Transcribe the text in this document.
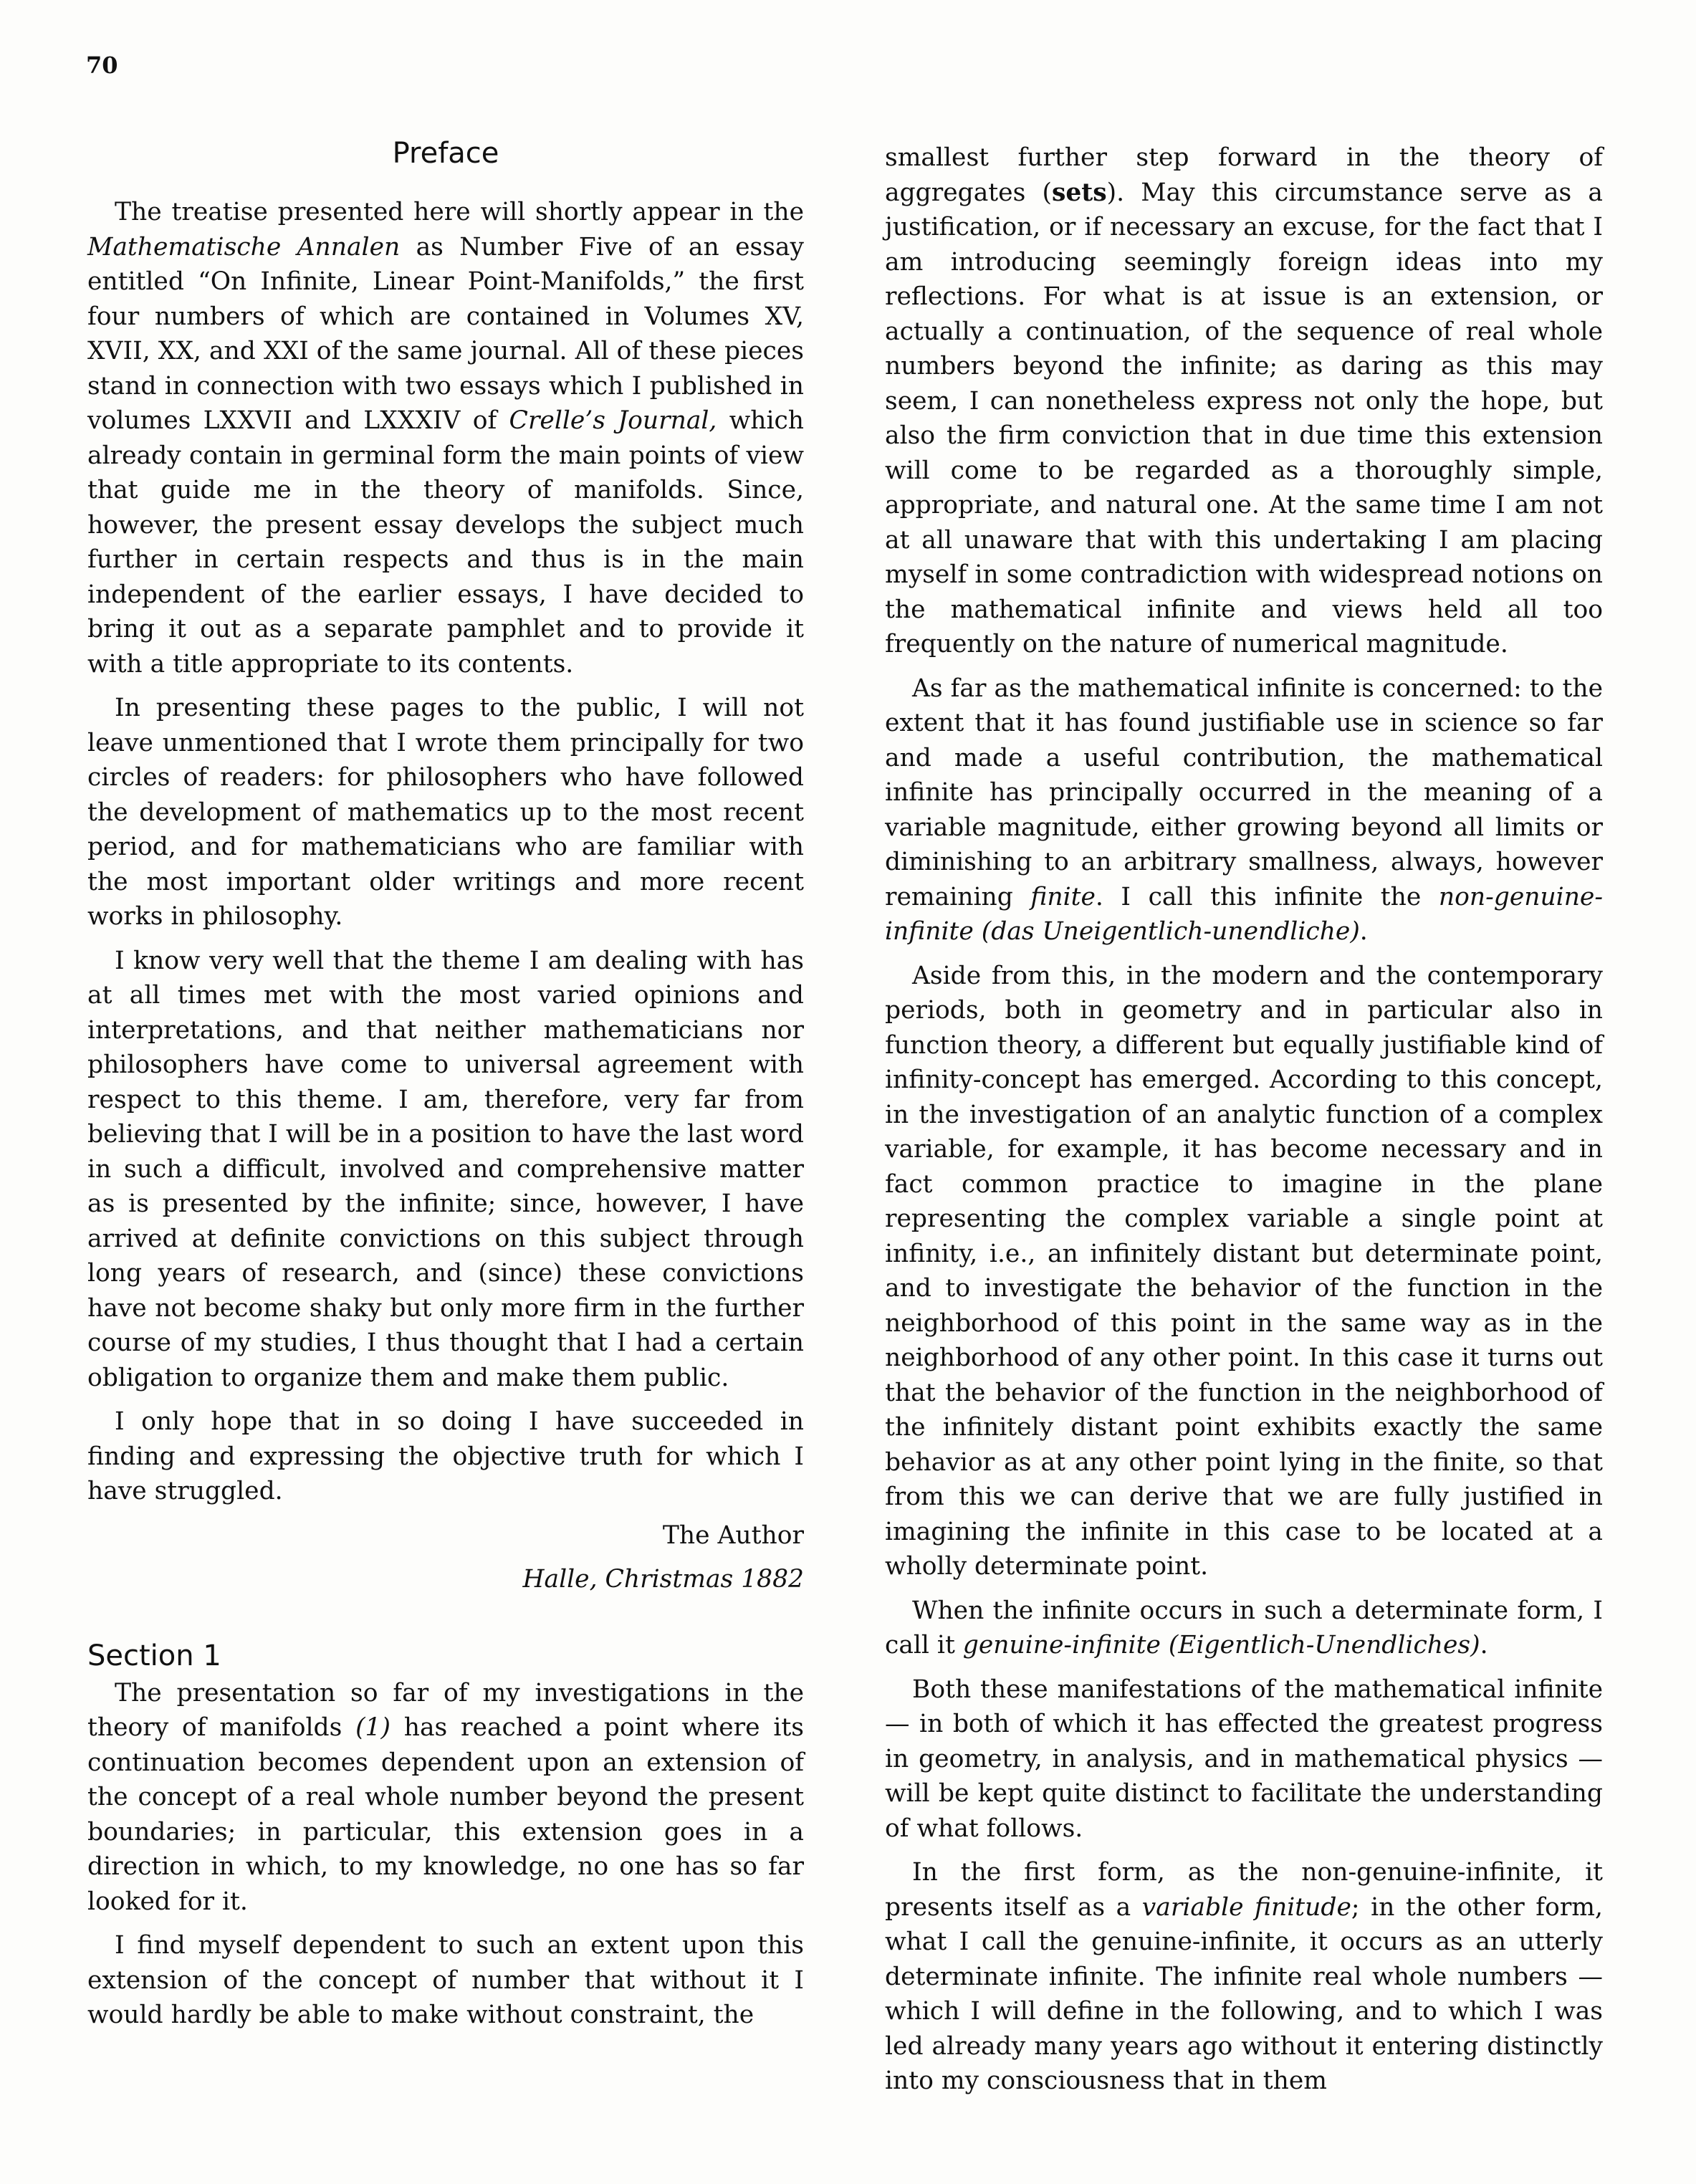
70
Preface

The treatise presented here will shortly appear in the Mathematische Annalen as Number Five of an essay entitled “On Infinite, Linear Point-Manifolds,” the first four numbers of which are contained in Volumes XV, XVII, XX, and XXI of the same journal. All of these pieces stand in connection with two essays which I published in volumes LXXVII and LXXXIV of Crelle’s Journal, which already contain in germinal form the main points of view that guide me in the theory of manifolds. Since, however, the present essay develops the subject much further in certain respects and thus is in the main independent of the earlier essays, I have decided to bring it out as a separate pamphlet and to provide it with a title appropriate to its contents.

In presenting these pages to the public, I will not leave unmentioned that I wrote them principally for two circles of readers: for philosophers who have followed the development of mathematics up to the most recent period, and for mathematicians who are familiar with the most important older writings and more recent works in philosophy.

I know very well that the theme I am dealing with has at all times met with the most varied opinions and interpretations, and that neither mathematicians nor philosophers have come to universal agreement with respect to this theme. I am, therefore, very far from believing that I will be in a position to have the last word in such a difficult, involved and comprehensive matter as is presented by the infinite; since, however, I have arrived at definite convictions on this subject through long years of research, and (since) these convictions have not become shaky but only more firm in the further course of my studies, I thus thought that I had a certain obligation to organize them and make them public.

I only hope that in so doing I have succeeded in finding and expressing the objective truth for which I have struggled.

The Author

Halle, Christmas 1882

Section 1

The presentation so far of my investigations in the theory of manifolds (1) has reached a point where its continuation becomes dependent upon an extension of the concept of a real whole number beyond the present boundaries; in particular, this extension goes in a direction in which, to my knowledge, no one has so far looked for it.

I find myself dependent to such an extent upon this extension of the concept of number that without it I would hardly be able to make without constraint, the

smallest further step forward in the theory of aggregates (sets). May this circumstance serve as a justification, or if necessary an excuse, for the fact that I am introducing seemingly foreign ideas into my reflections. For what is at issue is an extension, or actually a continuation, of the sequence of real whole numbers beyond the infinite; as daring as this may seem, I can nonetheless express not only the hope, but also the firm conviction that in due time this extension will come to be regarded as a thoroughly simple, appropriate, and natural one. At the same time I am not at all unaware that with this undertaking I am placing myself in some contradiction with widespread notions on the mathematical infinite and views held all too frequently on the nature of numerical magnitude.

As far as the mathematical infinite is concerned: to the extent that it has found justifiable use in science so far and made a useful contribution, the mathematical infinite has principally occurred in the meaning of a variable magnitude, either growing beyond all limits or diminishing to an arbitrary smallness, always, however remaining finite. I call this infinite the non-genuine-infinite (das Uneigentlich-unendliche).

Aside from this, in the modern and the contemporary periods, both in geometry and in particular also in function theory, a different but equally justifiable kind of infinity-concept has emerged. According to this concept, in the investigation of an analytic function of a complex variable, for example, it has become necessary and in fact common practice to imagine in the plane representing the complex variable a single point at infinity, i.e., an infinitely distant but determinate point, and to investigate the behavior of the function in the neighborhood of this point in the same way as in the neighborhood of any other point. In this case it turns out that the behavior of the function in the neighborhood of the infinitely distant point exhibits exactly the same behavior as at any other point lying in the finite, so that from this we can derive that we are fully justified in imagining the infinite in this case to be located at a wholly determinate point.

When the infinite occurs in such a determinate form, I call it genuine-infinite (Eigentlich-Unendliches).

Both these manifestations of the mathematical infinite — in both of which it has effected the greatest progress in geometry, in analysis, and in mathematical physics — will be kept quite distinct to facilitate the understanding of what follows.

In the first form, as the non-genuine-infinite, it presents itself as a variable finitude; in the other form, what I call the genuine-infinite, it occurs as an utterly determinate infinite. The infinite real whole numbers — which I will define in the following, and to which I was led already many years ago without it entering distinctly into my consciousness that in them
